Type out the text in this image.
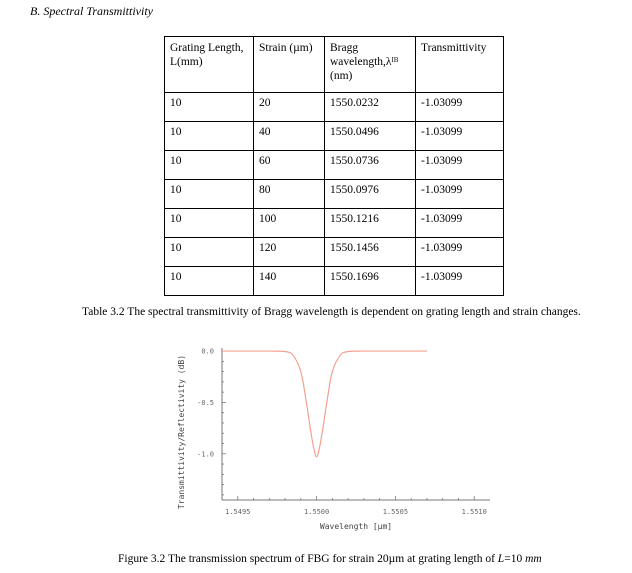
B. Spectral Transmittivity
Grating Length, L(mm)	Strain (µm)	Bragg wavelength,λᴵᴮ (nm)	Transmittivity
10	20	1550.0232	-1.03099
10	40	1550.0496	-1.03099
10	60	1550.0736	-1.03099
10	80	1550.0976	-1.03099
10	100	1550.1216	-1.03099
10	120	1550.1456	-1.03099
10	140	1550.1696	-1.03099
Table 3.2 The spectral transmittivity of Bragg wavelength is dependent on grating length and strain changes.
0.0
-0.5
-1.0
1.5495	1.5500	1.5505	1.5510
Wavelength [µm]
Transmittivity/Reflectivity (dB)
Figure 3.2 The transmission spectrum of FBG for strain 20µm at grating length of L=10 mm
